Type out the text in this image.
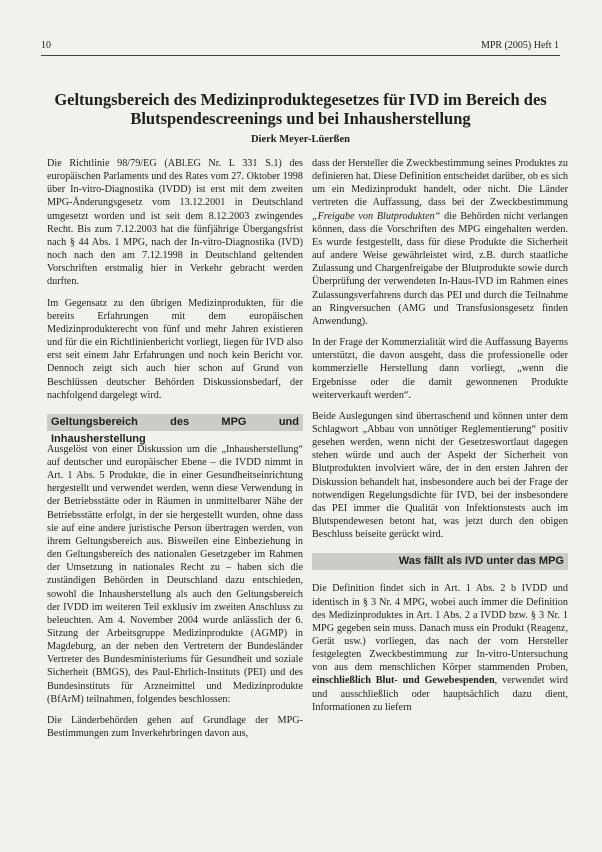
10	MPR (2005) Heft 1
Geltungsbereich des Medizinproduktegesetzes für IVD im Bereich des Blutspendescreenings und bei Inhausherstellung
Dierk Meyer-Lüerßen

Die Richtlinie 98/79/EG (ABl.EG Nr. L 331 S.1) des europäischen Parlaments und des Rates vom 27. Oktober 1998 über In-vitro-Diagnostika (IVDD) ist erst mit dem zweiten MPG-Änderungsgesetz vom 13.12.2001 in Deutschland umgesetzt worden und ist seit dem 8.12.2003 zwingendes Recht. Bis zum 7.12.2003 hat die fünfjährige Übergangsfrist nach § 44 Abs. 1 MPG, nach der In-vitro-Diagnostika (IVD) noch nach den am 7.12.1998 in Deutschland geltenden Vorschriften erstmalig hier in Verkehr gebracht werden durften.

Im Gegensatz zu den übrigen Medizinprodukten, für die bereits Erfahrungen mit dem europäischen Medizinprodukterecht von fünf und mehr Jahren existieren und für die ein Richtlinienbericht vorliegt, liegen für IVD also erst seit einem Jahr Erfahrungen und noch kein Bericht vor. Dennoch zeigt sich auch hier schon auf Grund von Beschlüssen deutscher Behörden Diskussionsbedarf, der nachfolgend dargelegt wird.

Geltungsbereich des MPG und Inhausherstellung

Ausgelöst von einer Diskussion um die „Inhausherstellung“ auf deutscher und europäischer Ebene – die IVDD nimmt in Art. 1 Abs. 5 Produkte, die in einer Gesundheitseinrichtung hergestellt und verwendet werden, wenn diese Verwendung in der Betriebsstätte oder in Räumen in unmittelbarer Nähe der Betriebsstätte erfolgt, in der sie hergestellt wurden, ohne dass sie auf eine andere juristische Person übertragen werden, von ihrem Geltungsbereich aus. Bisweilen eine Einbeziehung in den Geltungsbereich des nationalen Gesetzgeber im Rahmen der Umsetzung in nationales Recht zu – haben sich die zuständigen Behörden in Deutschland dazu entschieden, sowohl die Inhausherstellung als auch den Geltungsbereich der IVDD im weiteren Teil exklusiv im zweiten Anschluss zu beleuchten. Am 4. November 2004 wurde anlässlich der 6. Sitzung der Arbeitsgruppe Medizinprodukte (AGMP) in Magdeburg, an der neben den Vertretern der Bundesländer Vertreter des Bundesministeriums für Gesundheit und soziale Sicherheit (BMGS), des Paul-Ehrlich-Instituts (PEI) und des Bundesinstituts für Arzneimittel und Medizinprodukte (BfArM) teilnahmen, folgendes beschlossen:

Die Länderbehörden gehen auf Grundlage der MPG-Bestimmungen zum Inverkehrbringen davon aus,

dass der Hersteller die Zweckbestimmung seines Produktes zu definieren hat. Diese Definition entscheidet darüber, ob es sich um ein Medizinprodukt handelt, oder nicht. Die Länder vertreten die Auffassung, dass bei der Zweckbestimmung „Freigabe von Blutprodukten“ die Behörden nicht verlangen können, dass die Vorschriften des MPG eingehalten werden. Es wurde festgestellt, dass für diese Produkte die Sicherheit auf andere Weise gewährleistet wird, z.B. durch staatliche Zulassung und Chargenfreigabe der Blutprodukte sowie durch Überprüfung der verwendeten In-Haus-IVD im Rahmen eines Zulassungsverfahrens durch das PEI und durch die Teilnahme an Ringversuchen (AMG und Transfusionsgesetz finden Anwendung).

In der Frage der Kommerzialität wird die Auffassung Bayerns unterstützt, die davon ausgeht, dass die professionelle oder kommerzielle Herstellung dann vorliegt, „wenn die Ergebnisse oder die damit gewonnenen Produkte weiterverkauft werden“.

Beide Auslegungen sind überraschend und können unter dem Schlagwort „Abbau von unnötiger Reglementierung“ positiv gesehen werden, wenn nicht der Gesetzeswortlaut dagegen stehen würde und auch der Aspekt der Sicherheit von Blutprodukten involviert wäre, der in den ersten Jahren der Diskussion behandelt hat, insbesondere auch bei der Frage der notwendigen Regelungsdichte für IVD, bei der insbesondere das PEI immer die Qualität von Infektionstests auch im Blutspendewesen betont hat, was jetzt durch den obigen Beschluss beiseite gerückt wird.

Was fällt als IVD unter das MPG

Die Definition findet sich in Art. 1 Abs. 2 b IVDD und identisch in § 3 Nr. 4 MPG, wobei auch immer die Definition des Medizinproduktes in Art. 1 Abs. 2 a IVDD bzw. § 3 Nr. 1 MPG gegeben sein muss. Danach muss ein Produkt (Reagenz, Gerät usw.) vorliegen, das nach der vom Hersteller festgelegten Zweckbestimmung zur In-vitro-Untersuchung von aus dem menschlichen Körper stammenden Proben, einschließlich Blut- und Gewebespenden, verwendet wird und ausschließlich oder hauptsächlich dazu dient, Informationen zu liefern
